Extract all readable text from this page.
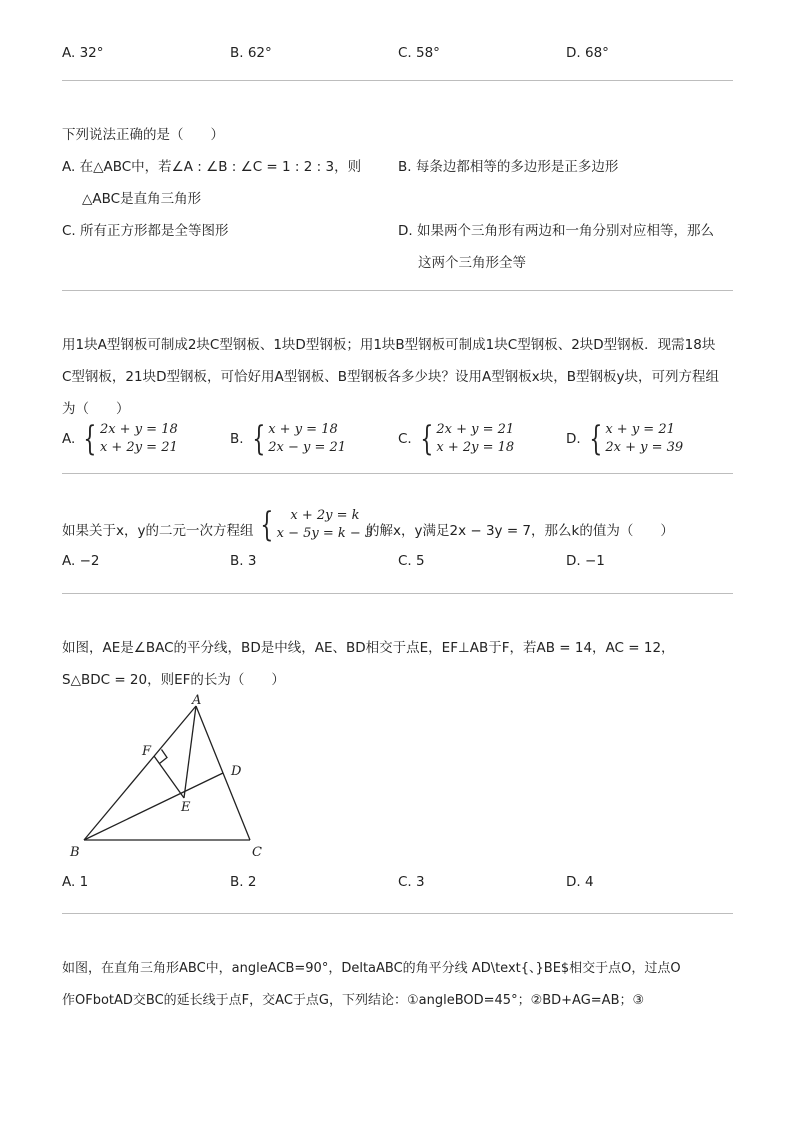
A. 32°	B. 62°	C. 58°	D. 68°
下列说法正确的是（　　）
A. 在△ABC中，若∠A : ∠B : ∠C = 1 : 2 : 3，则
△ABC是直角三角形
B. 每条边都相等的多边形是正多边形
C. 所有正方形都是全等图形	D. 如果两个三角形有两边和一角分别对应相等，那么
这两个三角形全等
用1块A型钢板可制成2块C型钢板、1块D型钢板；用1块B型钢板可制成1块C型钢板、2块D型钢板．现需18块
C型钢板，21块D型钢板，可恰好用A型钢板、B型钢板各多少块？设用A型钢板x块，B型钢板y块，可列方程组
为（　　）
A. { 2x + y = 18
x + 2y = 21
B. { x + y = 18
2x − y = 21
C. { 2x + y = 21
x + 2y = 18
D. { x + y = 21
2x + y = 39
如果关于x，y的二元一次方程组 {	x + 2y = k
x − 5y = k − 3
的解x，y满足2x − 3y = 7，那么k的值为（　　）
A. −2	B. 3	C. 5	D. −1
如图，AE是∠BAC的平分线，BD是中线，AE、BD相交于点E，EF⊥AB于F，若AB = 14，AC = 12，
S△BDC = 20，则EF的长为（　　）
A
F
D
E
B	C
A. 1	B. 2	C. 3	D. 4
如图，在直角三角形ABC中，angleACB=90°，DeltaABC的角平分线 AD\text{、}BE$相交于点O，过点O
作OFbotAD交BC的延长线于点F，交AC于点G，下列结论：①angleBOD=45°；②BD+AG=AB；③
